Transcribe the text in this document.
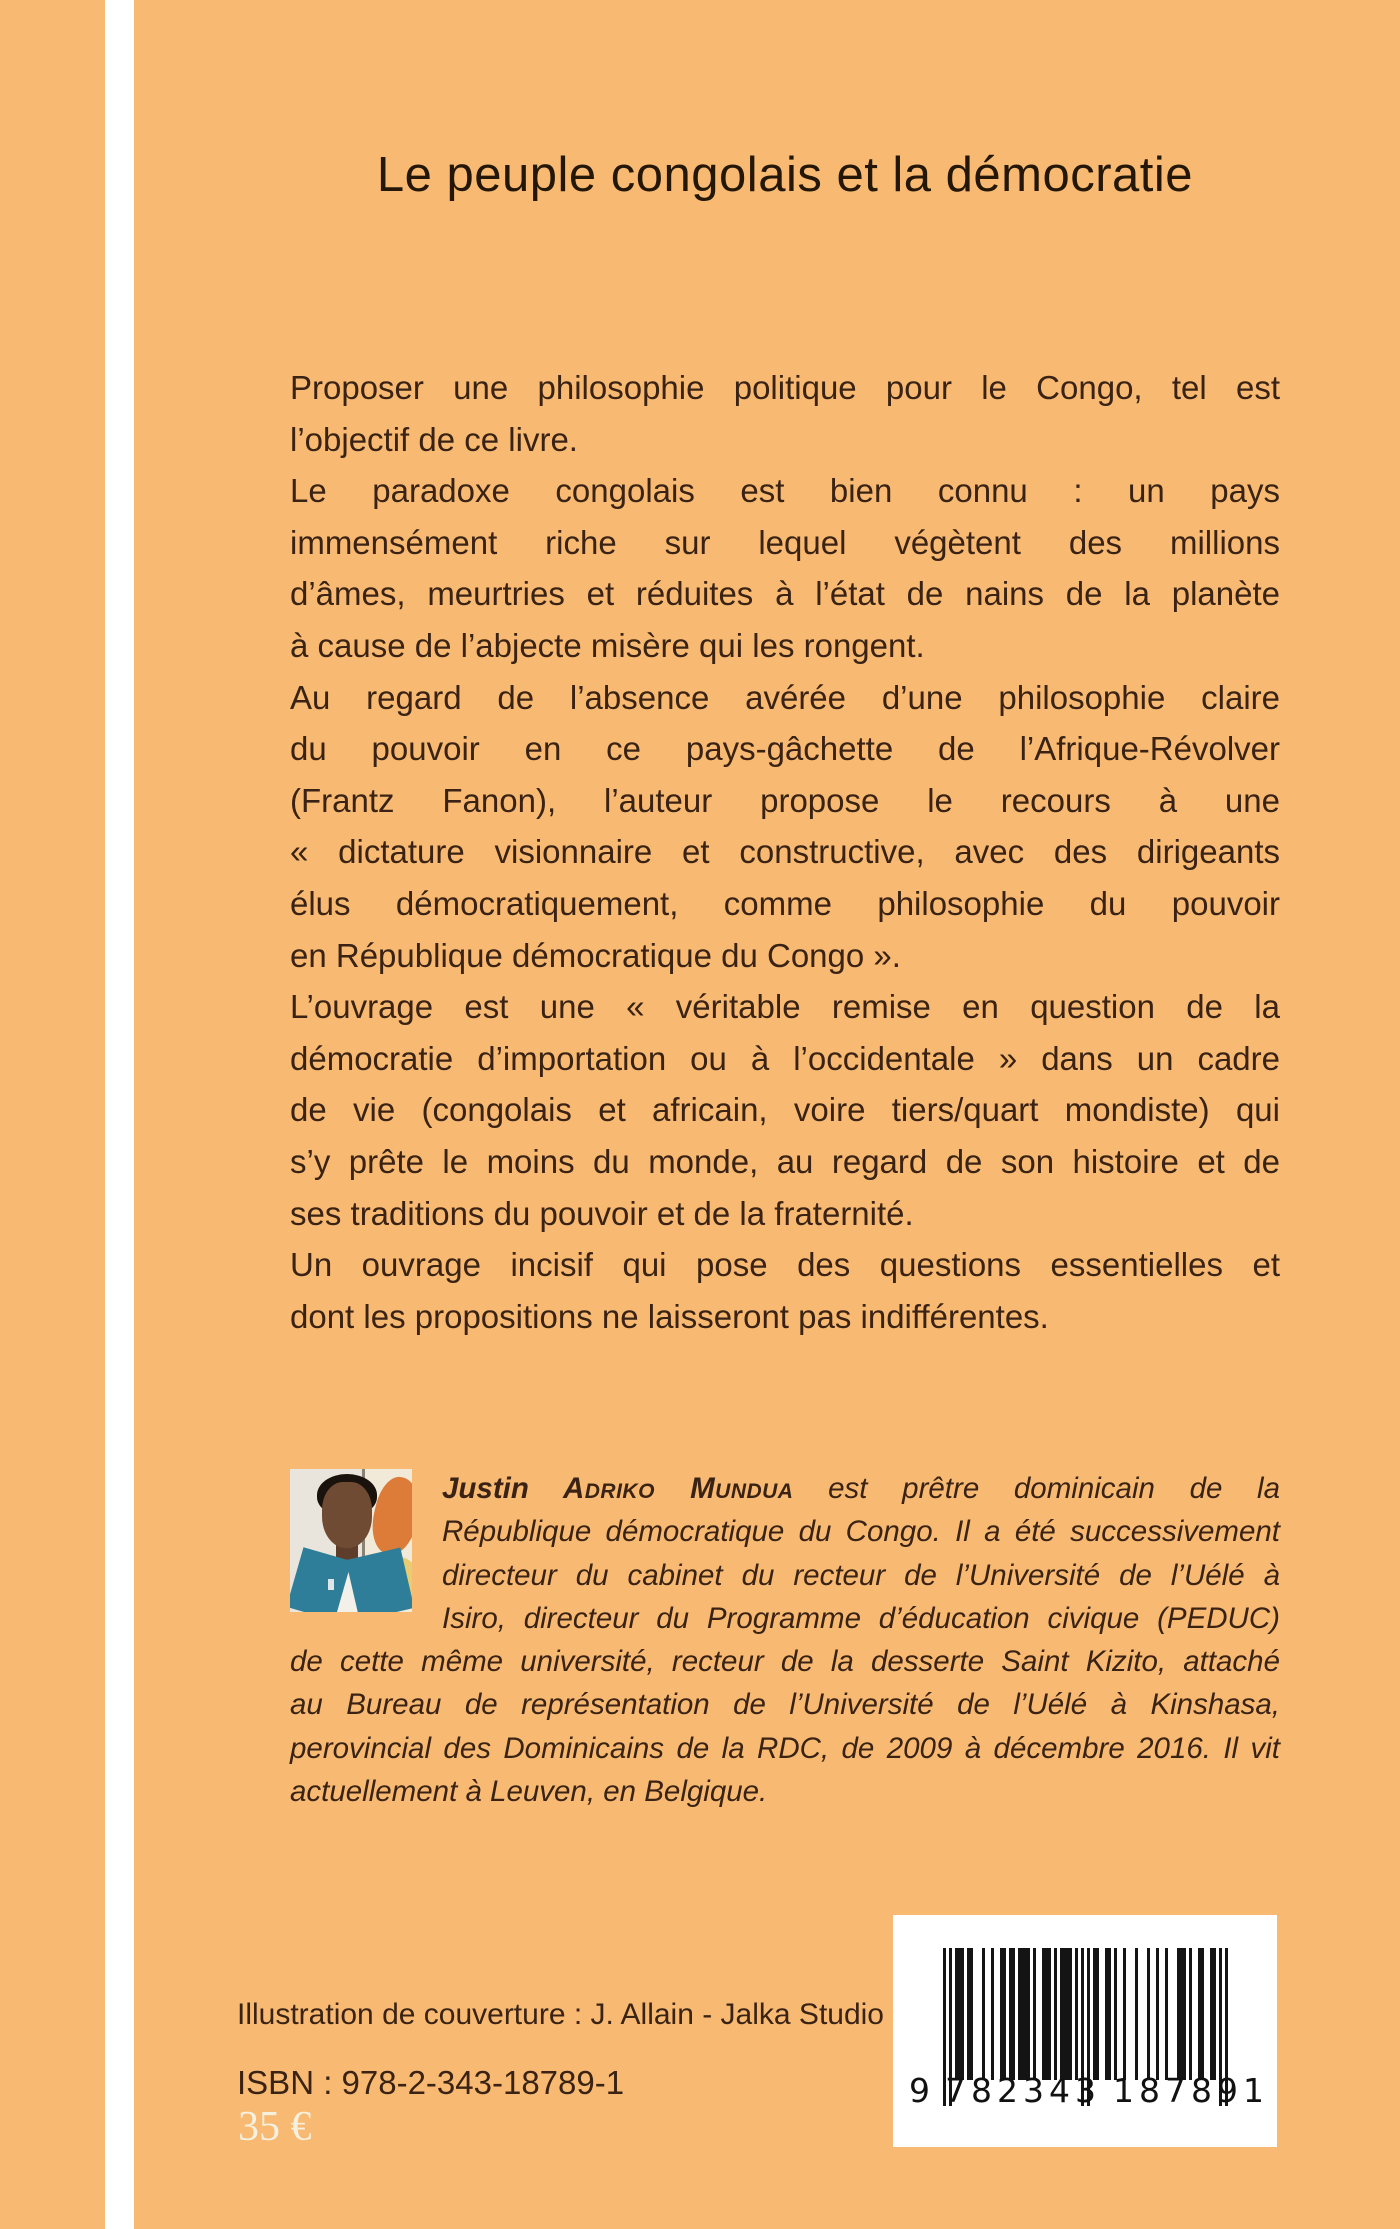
Le peuple congolais et la démocratie
Proposer une philosophie politique pour le Congo, tel est
l’objectif de ce livre.
Le paradoxe congolais est bien connu : un pays
immensément riche sur lequel végètent des millions
d’âmes, meurtries et réduites à l’état de nains de la planète
à cause de l’abjecte misère qui les rongent.
Au regard de l’absence avérée d’une philosophie claire
du pouvoir en ce pays-gâchette de l’Afrique-Révolver
(Frantz Fanon), l’auteur propose le recours à une
« dictature visionnaire et constructive, avec des dirigeants
élus démocratiquement, comme philosophie du pouvoir
en République démocratique du Congo ».
L’ouvrage est une « véritable remise en question de la
démocratie d’importation ou à l’occidentale » dans un cadre
de vie (congolais et africain, voire tiers/quart mondiste) qui
s’y prête le moins du monde, au regard de son histoire et de
ses traditions du pouvoir et de la fraternité.
Un ouvrage incisif qui pose des questions essentielles et
dont les propositions ne laisseront pas indifférentes.
Justin Adriko Mundua est prêtre dominicain de la
République démocratique du Congo. Il a été successivement
directeur du cabinet du recteur de l’Université de l’Uélé à
Isiro, directeur du Programme d’éducation civique (PEDUC)
de cette même université, recteur de la desserte Saint Kizito, attaché
au Bureau de représentation de l’Université de l’Uélé à Kinshasa,
perovincial des Dominicains de la RDC, de 2009 à décembre 2016. Il vit
actuellement à Leuven, en Belgique.
Illustration de couverture : J. Allain - Jalka Studio
ISBN : 978-2-343-18789-1
35 €
9 782343 187891
